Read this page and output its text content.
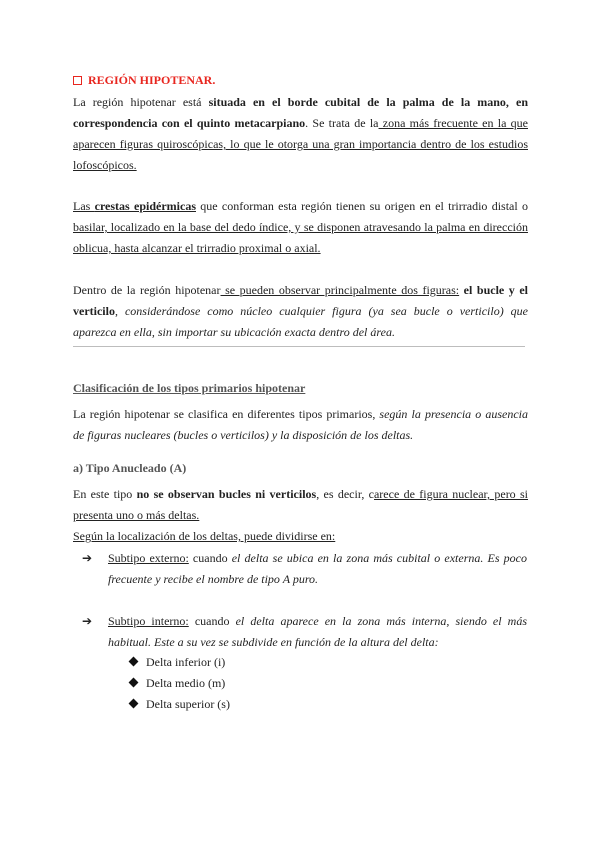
REGIÓN HIPOTENAR.
La región hipotenar está situada en el borde cubital de la palma de la mano, en correspondencia con el quinto metacarpiano. Se trata de la zona más frecuente en la que aparecen figuras quiroscópicas, lo que le otorga una gran importancia dentro de los estudios lofoscópicos.
Las crestas epidérmicas que conforman esta región tienen su origen en el trirradio distal o basilar, localizado en la base del dedo índice, y se disponen atravesando la palma en dirección oblicua, hasta alcanzar el trirradio proximal o axial.
Dentro de la región hipotenar se pueden observar principalmente dos figuras: el bucle y el verticilo, considerándose como núcleo cualquier figura (ya sea bucle o verticilo) que aparezca en ella, sin importar su ubicación exacta dentro del área.
Clasificación de los tipos primarios hipotenar
La región hipotenar se clasifica en diferentes tipos primarios, según la presencia o ausencia de figuras nucleares (bucles o verticilos) y la disposición de los deltas.
a) Tipo Anucleado (A)
En este tipo no se observan bucles ni verticilos, es decir, carece de figura nuclear, pero si presenta uno o más deltas.
Según la localización de los deltas, puede dividirse en:
➔ Subtipo externo: cuando el delta se ubica en la zona más cubital o externa. Es poco frecuente y recibe el nombre de tipo A puro.
➔ Subtipo interno: cuando el delta aparece en la zona más interna, siendo el más habitual. Este a su vez se subdivide en función de la altura del delta:
Delta inferior (i)
Delta medio (m)
Delta superior (s)
